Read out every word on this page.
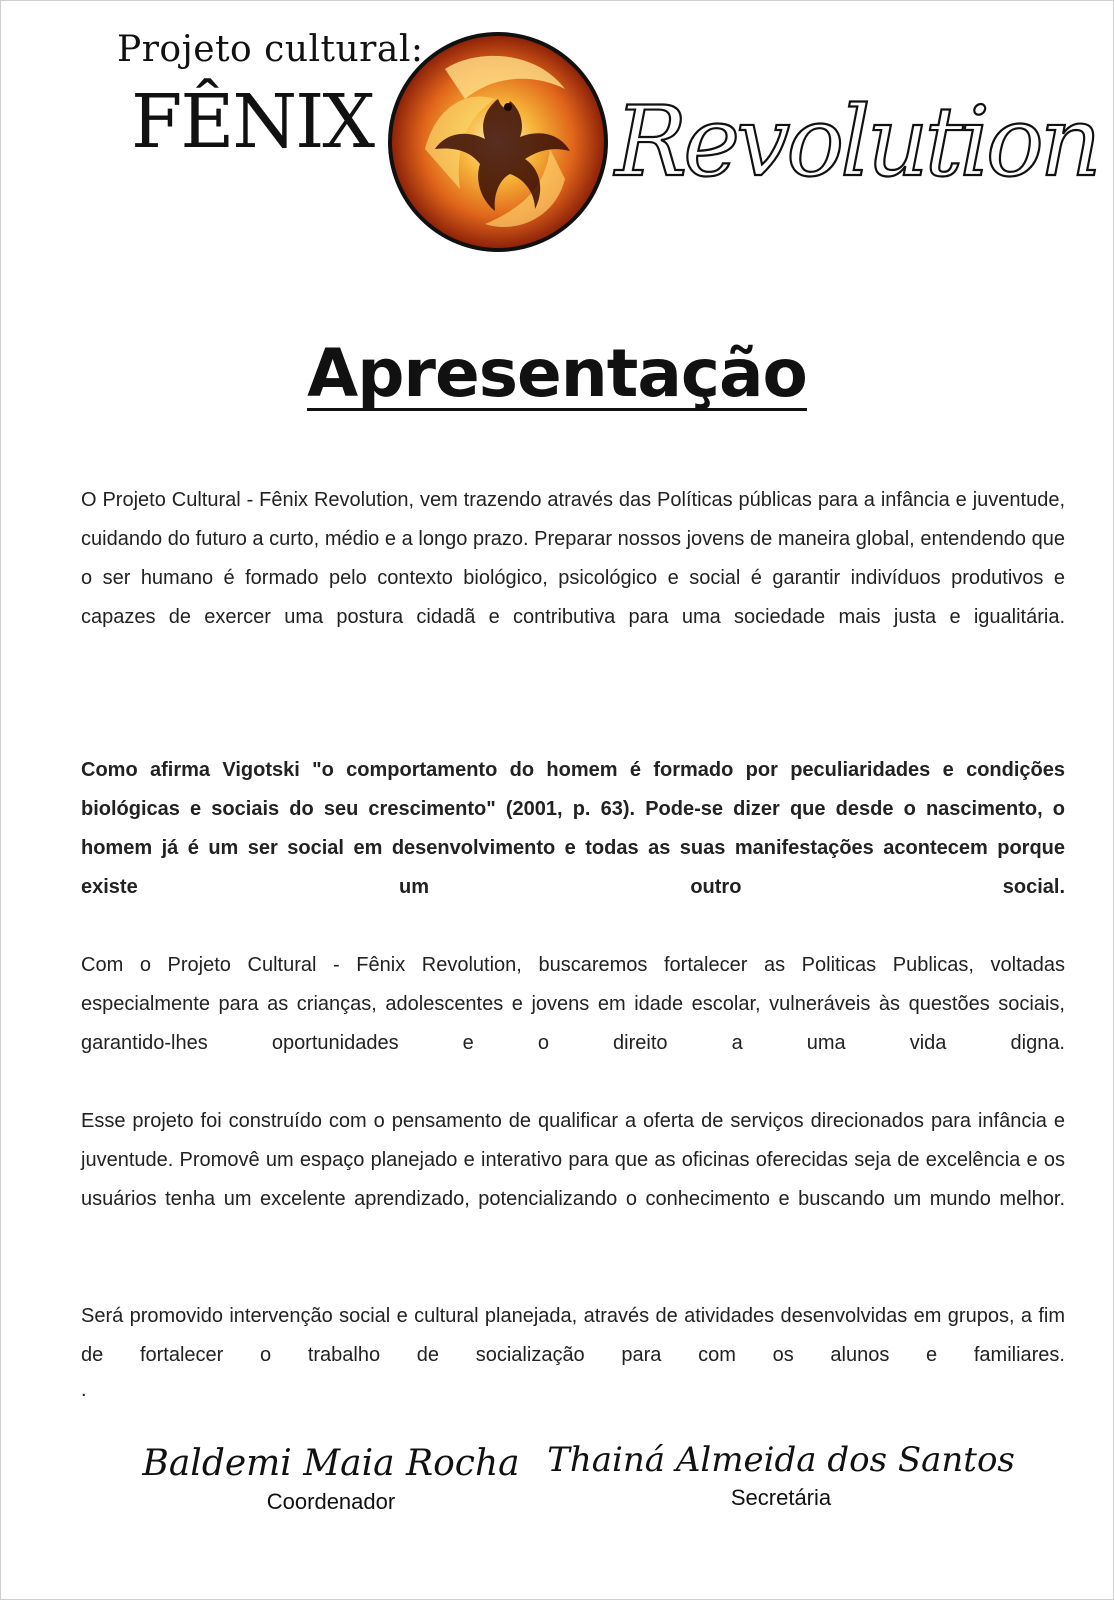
Projeto cultural:
FÊNIX	Revolution
Apresentação

O Projeto Cultural - Fênix Revolution, vem trazendo através das Políticas públicas para a infância e juventude, cuidando do futuro a curto, médio e a longo prazo. Preparar nossos jovens de maneira global, entendendo que o ser humano é formado pelo contexto biológico, psicológico e social é garantir indivíduos produtivos e capazes de exercer uma postura cidadã e contributiva para uma sociedade mais justa e igualitária.

Como afirma Vigotski "o comportamento do homem é formado por peculiaridades e condições biológicas e sociais do seu crescimento" (2001, p. 63). Pode-se dizer que desde o nascimento, o homem já é um ser social em desenvolvimento e todas as suas manifestações acontecem porque existe um outro social.

Com o Projeto Cultural - Fênix Revolution, buscaremos fortalecer as Politicas Publicas, voltadas especialmente para as crianças, adolescentes e jovens em idade escolar, vulneráveis às questões sociais, garantido-lhes oportunidades e o direito a uma vida digna.

Esse projeto foi construído com o pensamento de qualificar a oferta de serviços direcionados para infância e juventude. Promovê um espaço planejado e interativo para que as oficinas oferecidas seja de excelência e os usuários tenha um excelente aprendizado, potencializando o conhecimento e buscando um mundo melhor.

Será promovido intervenção social e cultural planejada, através de atividades desenvolvidas em grupos, a fim de fortalecer o trabalho de socialização para com os alunos e familiares.

.
Baldemi Maia Rocha
Coordenador
Thainá Almeida dos Santos
Secretária
